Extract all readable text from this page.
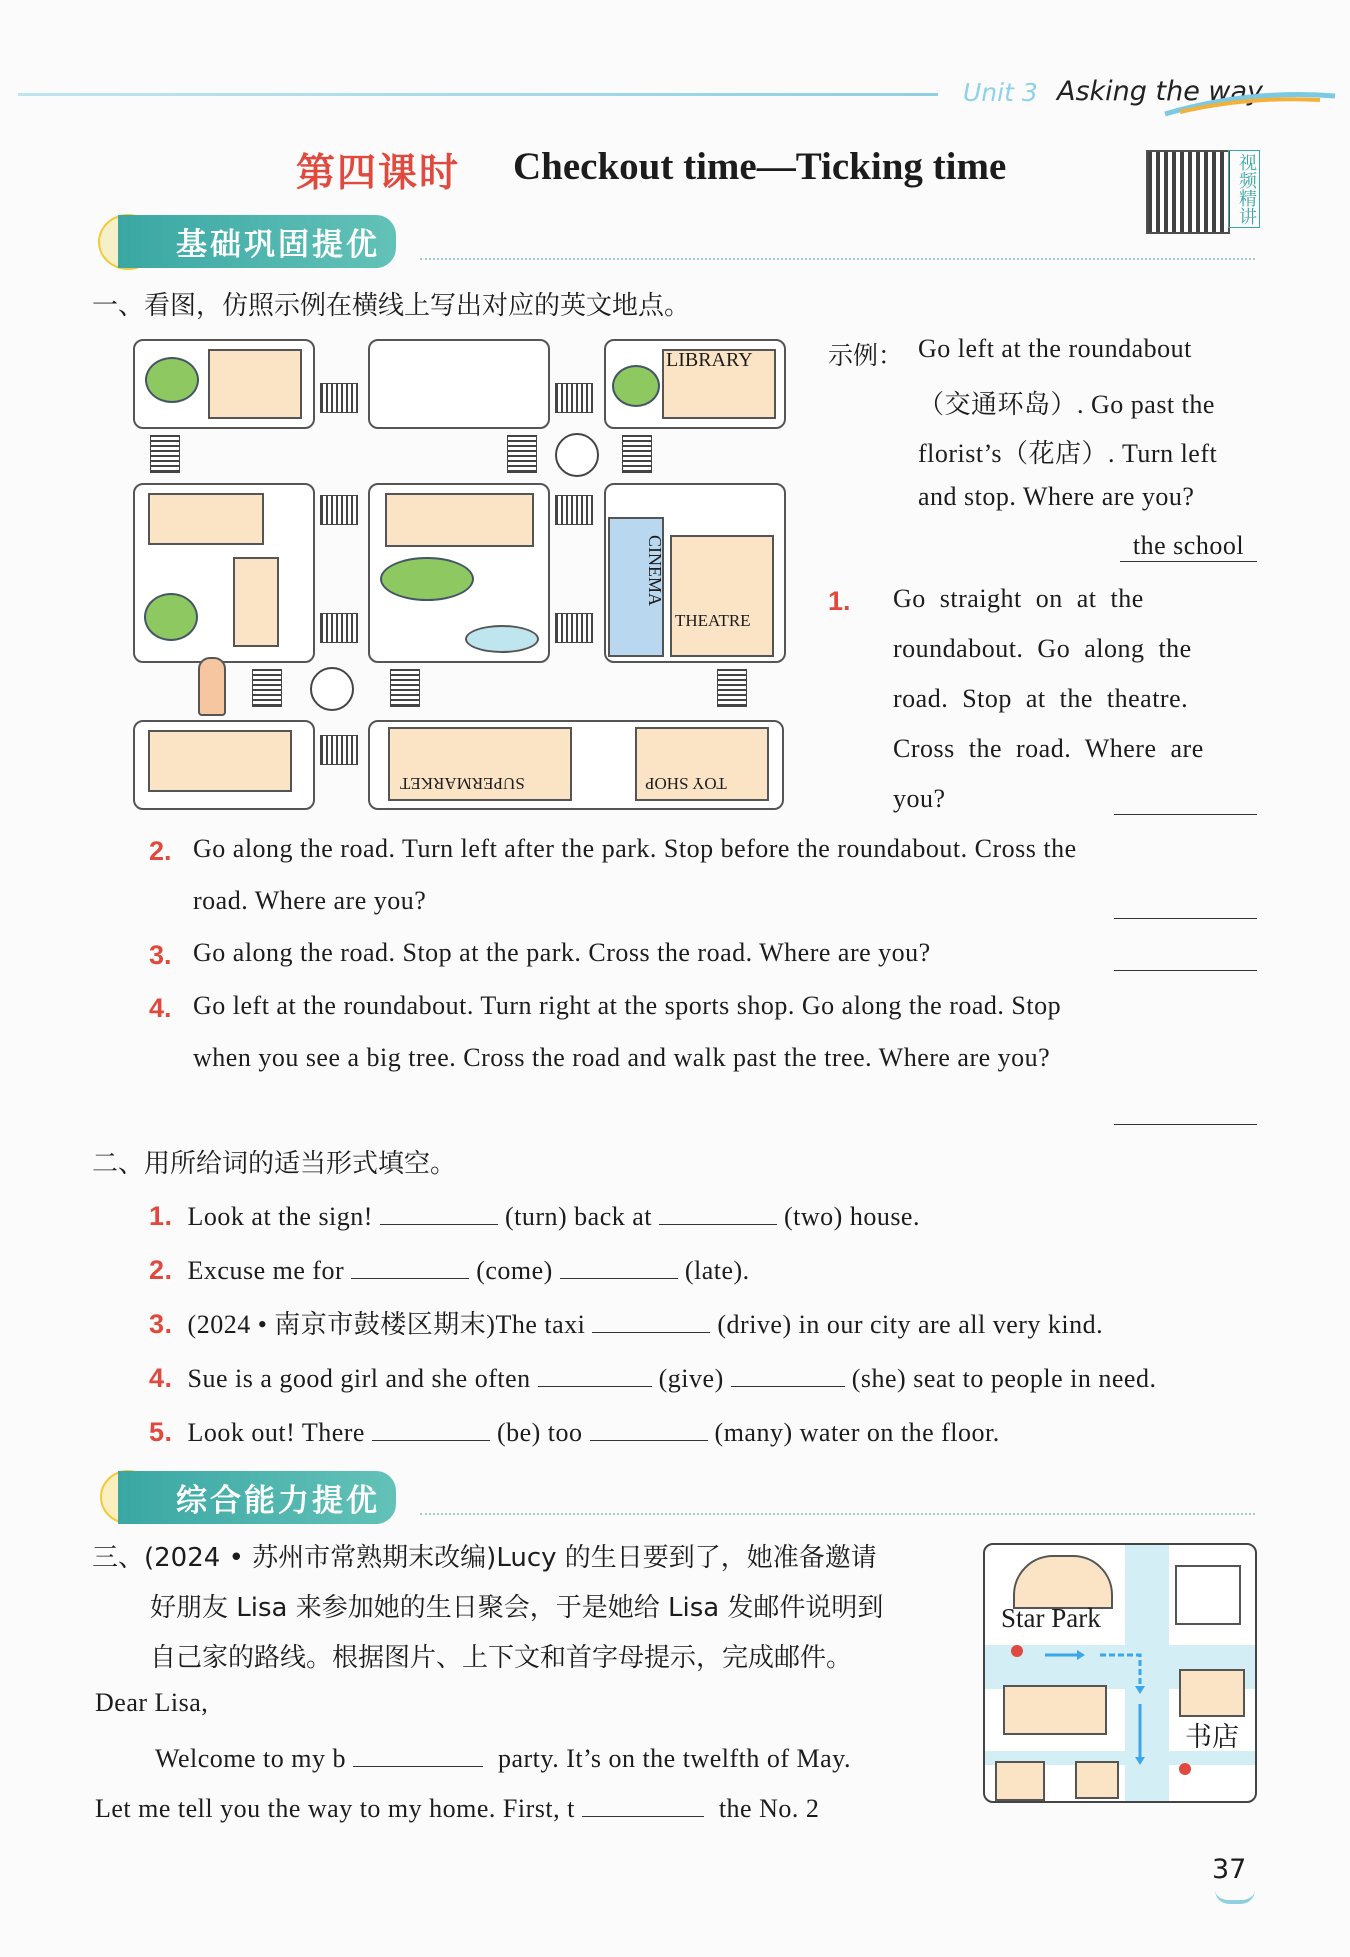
Unit 3 Asking the way
第四课时 Checkout time—Ticking time	视频精讲
基础巩固提优
一、看图，仿照示例在横线上写出对应的英文地点。
LIBRARY
CINEMA
THEATRE
SUPERMARKET	TOY SHOP
示例： Go left at the roundabout
（交通环岛）. Go past the
florist’s（花店）. Turn left
and stop. Where are you?
the school
1. Go  straight  on  at  the
roundabout.  Go  along  the
road.  Stop  at  the  theatre.
Cross  the  road.  Where  are
you?
2. Go along the road. Turn left after the park. Stop before the roundabout. Cross the
road. Where are you?
3. Go along the road. Stop at the park. Cross the road. Where are you?
4. Go left at the roundabout. Turn right at the sports shop. Go along the road. Stop
when you see a big tree. Cross the road and walk past the tree. Where are you?
二、用所给词的适当形式填空。
1. Look at the sign!	(turn) back at	(two) house.
2. Excuse me for	(come)	(late).
3. (2024 • 南京市鼓楼区期末)The taxi	(drive) in our city are all very kind.
4. Sue is a good girl and she often	(give)	(she) seat to people in need.
5. Look out! There	(be) too	(many) water on the floor.
综合能力提优
三、(2024 • 苏州市常熟期末改编)Lucy 的生日要到了，她准备邀请
好朋友 Lisa 来参加她的生日聚会，于是她给 Lisa 发邮件说明到
自己家的路线。根据图片、上下文和首字母提示，完成邮件。
Dear Lisa,
Welcome to my b	party. It’s on the twelfth of May.
Let me tell you the way to my home. First, t	the No. 2
Star Park
书店
37
